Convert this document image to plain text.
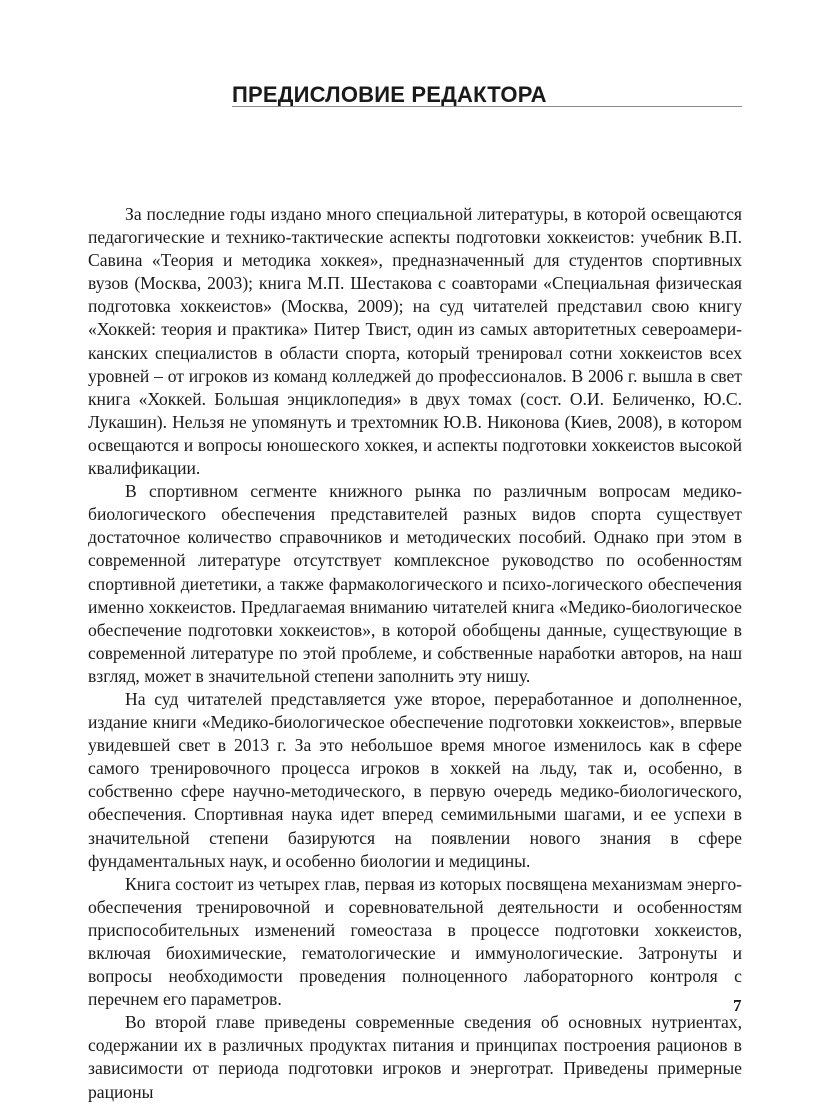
ПРЕДИСЛОВИЕ РЕДАКТОРА

За последние годы издано много специальной литературы, в которой освещаются педагогические и технико-тактические аспекты подготовки хоккеистов: учебник В.П. Савина «Теория и методика хоккея», предназначенный для студентов спортивных вузов (Москва, 2003); книга М.П. Шестакова с соавторами «Специальная физическая подготовка хоккеистов» (Москва, 2009); на суд читателей представил свою книгу «Хоккей: теория и практика» Питер Твист, один из самых авторитетных североамериканских специалистов в области спорта, который тренировал сотни хоккеистов всех уровней – от игроков из команд колледжей до профессионалов. В 2006 г. вышла в свет книга «Хоккей. Большая энциклопедия» в двух томах (сост. О.И. Беличенко, Ю.С. Лукашин). Нельзя не упомянуть и трехтомник Ю.В. Никонова (Киев, 2008), в котором освещаются и вопросы юношеского хоккея, и аспекты подготовки хоккеистов высокой квалификации.

В спортивном сегменте книжного рынка по различным вопросам медико-биологического обеспечения представителей разных видов спорта существует достаточное количество справочников и методических пособий. Однако при этом в современной литературе отсутствует комплексное руководство по особенностям спортивной диететики, а также фармакологического и психо-логического обеспечения именно хоккеистов. Предлагаемая вниманию читателей книга «Медико-биологическое обеспечение подготовки хоккеистов», в которой обобщены данные, существующие в современной литературе по этой проблеме, и собственные наработки авторов, на наш взгляд, может в значительной степени заполнить эту нишу.

На суд читателей представляется уже второе, переработанное и дополненное, издание книги «Медико-биологическое обеспечение подготовки хоккеистов», впервые увидевшей свет в 2013 г. За это небольшое время многое изменилось как в сфере самого тренировочного процесса игроков в хоккей на льду, так и, особенно, в собственно сфере научно-методического, в первую очередь медико-биологического, обеспечения. Спортивная наука идет вперед семимильными шагами, и ее успехи в значительной степени базируются на появлении нового знания в сфере фундаментальных наук, и особенно биологии и медицины.

Книга состоит из четырех глав, первая из которых посвящена механизмам энергообеспечения тренировочной и соревновательной деятельности и особенностям приспособительных изменений гомеостаза в процессе подготовки хоккеистов, включая биохимические, гематологические и иммунологические. Затронуты и вопросы необходимости проведения полноценного лабораторного контроля с перечнем его параметров.

Во второй главе приведены современные сведения об основных нутриентах, содержании их в различных продуктах питания и принципах построения рационов в зависимости от периода подготовки игроков и энерготрат. Приведены примерные рационы

7
